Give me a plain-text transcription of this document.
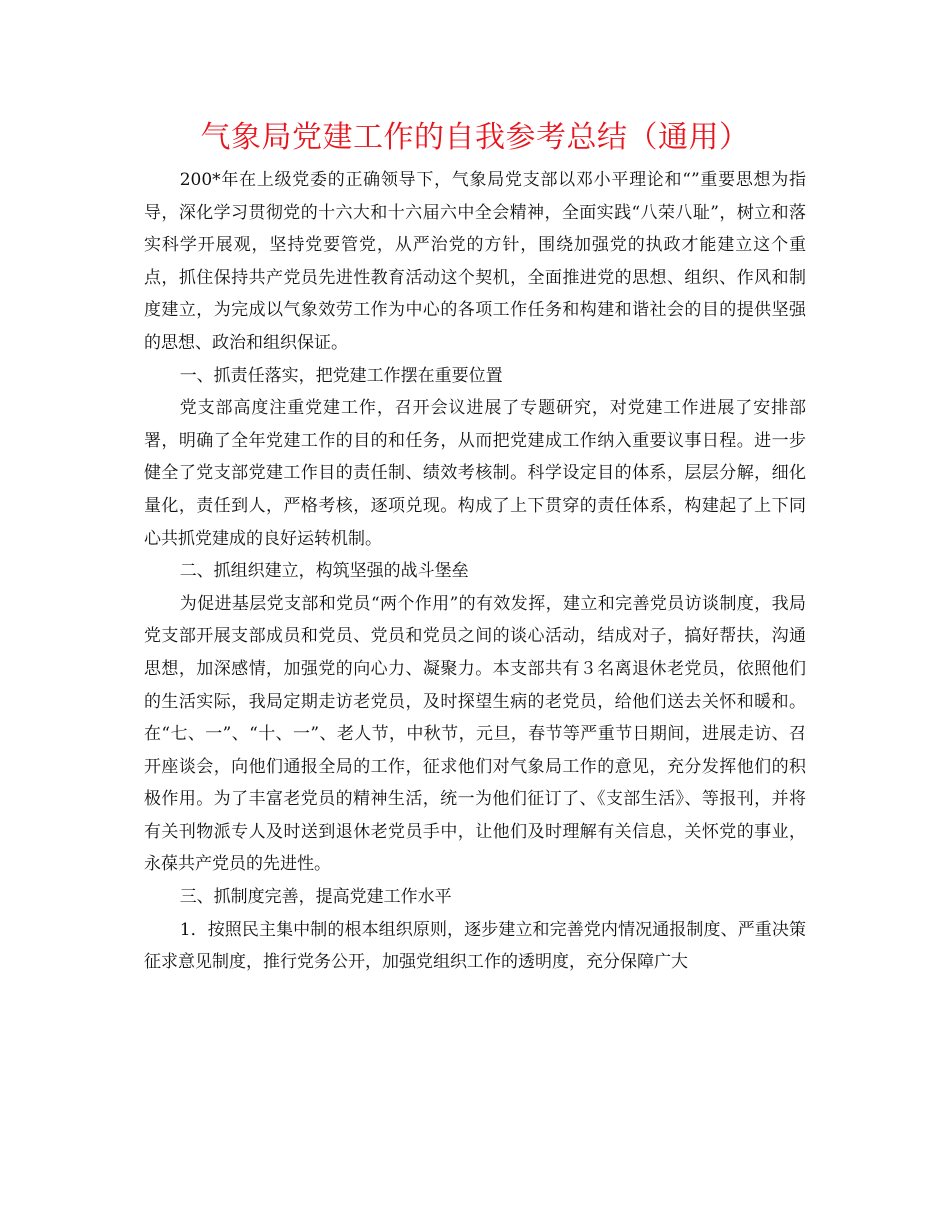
气象局党建工作的自我参考总结（通用）

200*年在上级党委的正确领导下，气象局党支部以邓小平理论和“”重要思想为指导，深化学习贯彻党的十六大和十六届六中全会精神，全面实践“八荣八耻”，树立和落实科学开展观，坚持党要管党，从严治党的方针，围绕加强党的执政才能建立这个重点，抓住保持共产党员先进性教育活动这个契机，全面推进党的思想、组织、作风和制度建立，为完成以气象效劳工作为中心的各项工作任务和构建和谐社会的目的提供坚强的思想、政治和组织保证。

一、抓责任落实，把党建工作摆在重要位置

党支部高度注重党建工作，召开会议进展了专题研究，对党建工作进展了安排部署，明确了全年党建工作的目的和任务，从而把党建成工作纳入重要议事日程。进一步健全了党支部党建工作目的责任制、绩效考核制。科学设定目的体系，层层分解，细化量化，责任到人，严格考核，逐项兑现。构成了上下贯穿的责任体系，构建起了上下同心共抓党建成的良好运转机制。

二、抓组织建立，构筑坚强的战斗堡垒

为促进基层党支部和党员“两个作用”的有效发挥，建立和完善党员访谈制度，我局党支部开展支部成员和党员、党员和党员之间的谈心活动，结成对子，搞好帮扶，沟通思想，加深感情，加强党的向心力、凝聚力。本支部共有３名离退休老党员，依照他们的生活实际，我局定期走访老党员，及时探望生病的老党员，给他们送去关怀和暖和。在“七、一”、“十、一”、老人节，中秋节，元旦，春节等严重节日期间，进展走访、召开座谈会，向他们通报全局的工作，征求他们对气象局工作的意见，充分发挥他们的积极作用。为了丰富老党员的精神生活，统一为他们征订了、《支部生活》、等报刊，并将有关刊物派专人及时送到退休老党员手中，让他们及时理解有关信息，关怀党的事业，永葆共产党员的先进性。

三、抓制度完善，提高党建工作水平

1．按照民主集中制的根本组织原则，逐步建立和完善党内情况通报制度、严重决策征求意见制度，推行党务公开，加强党组织工作的透明度，充分保障广大
